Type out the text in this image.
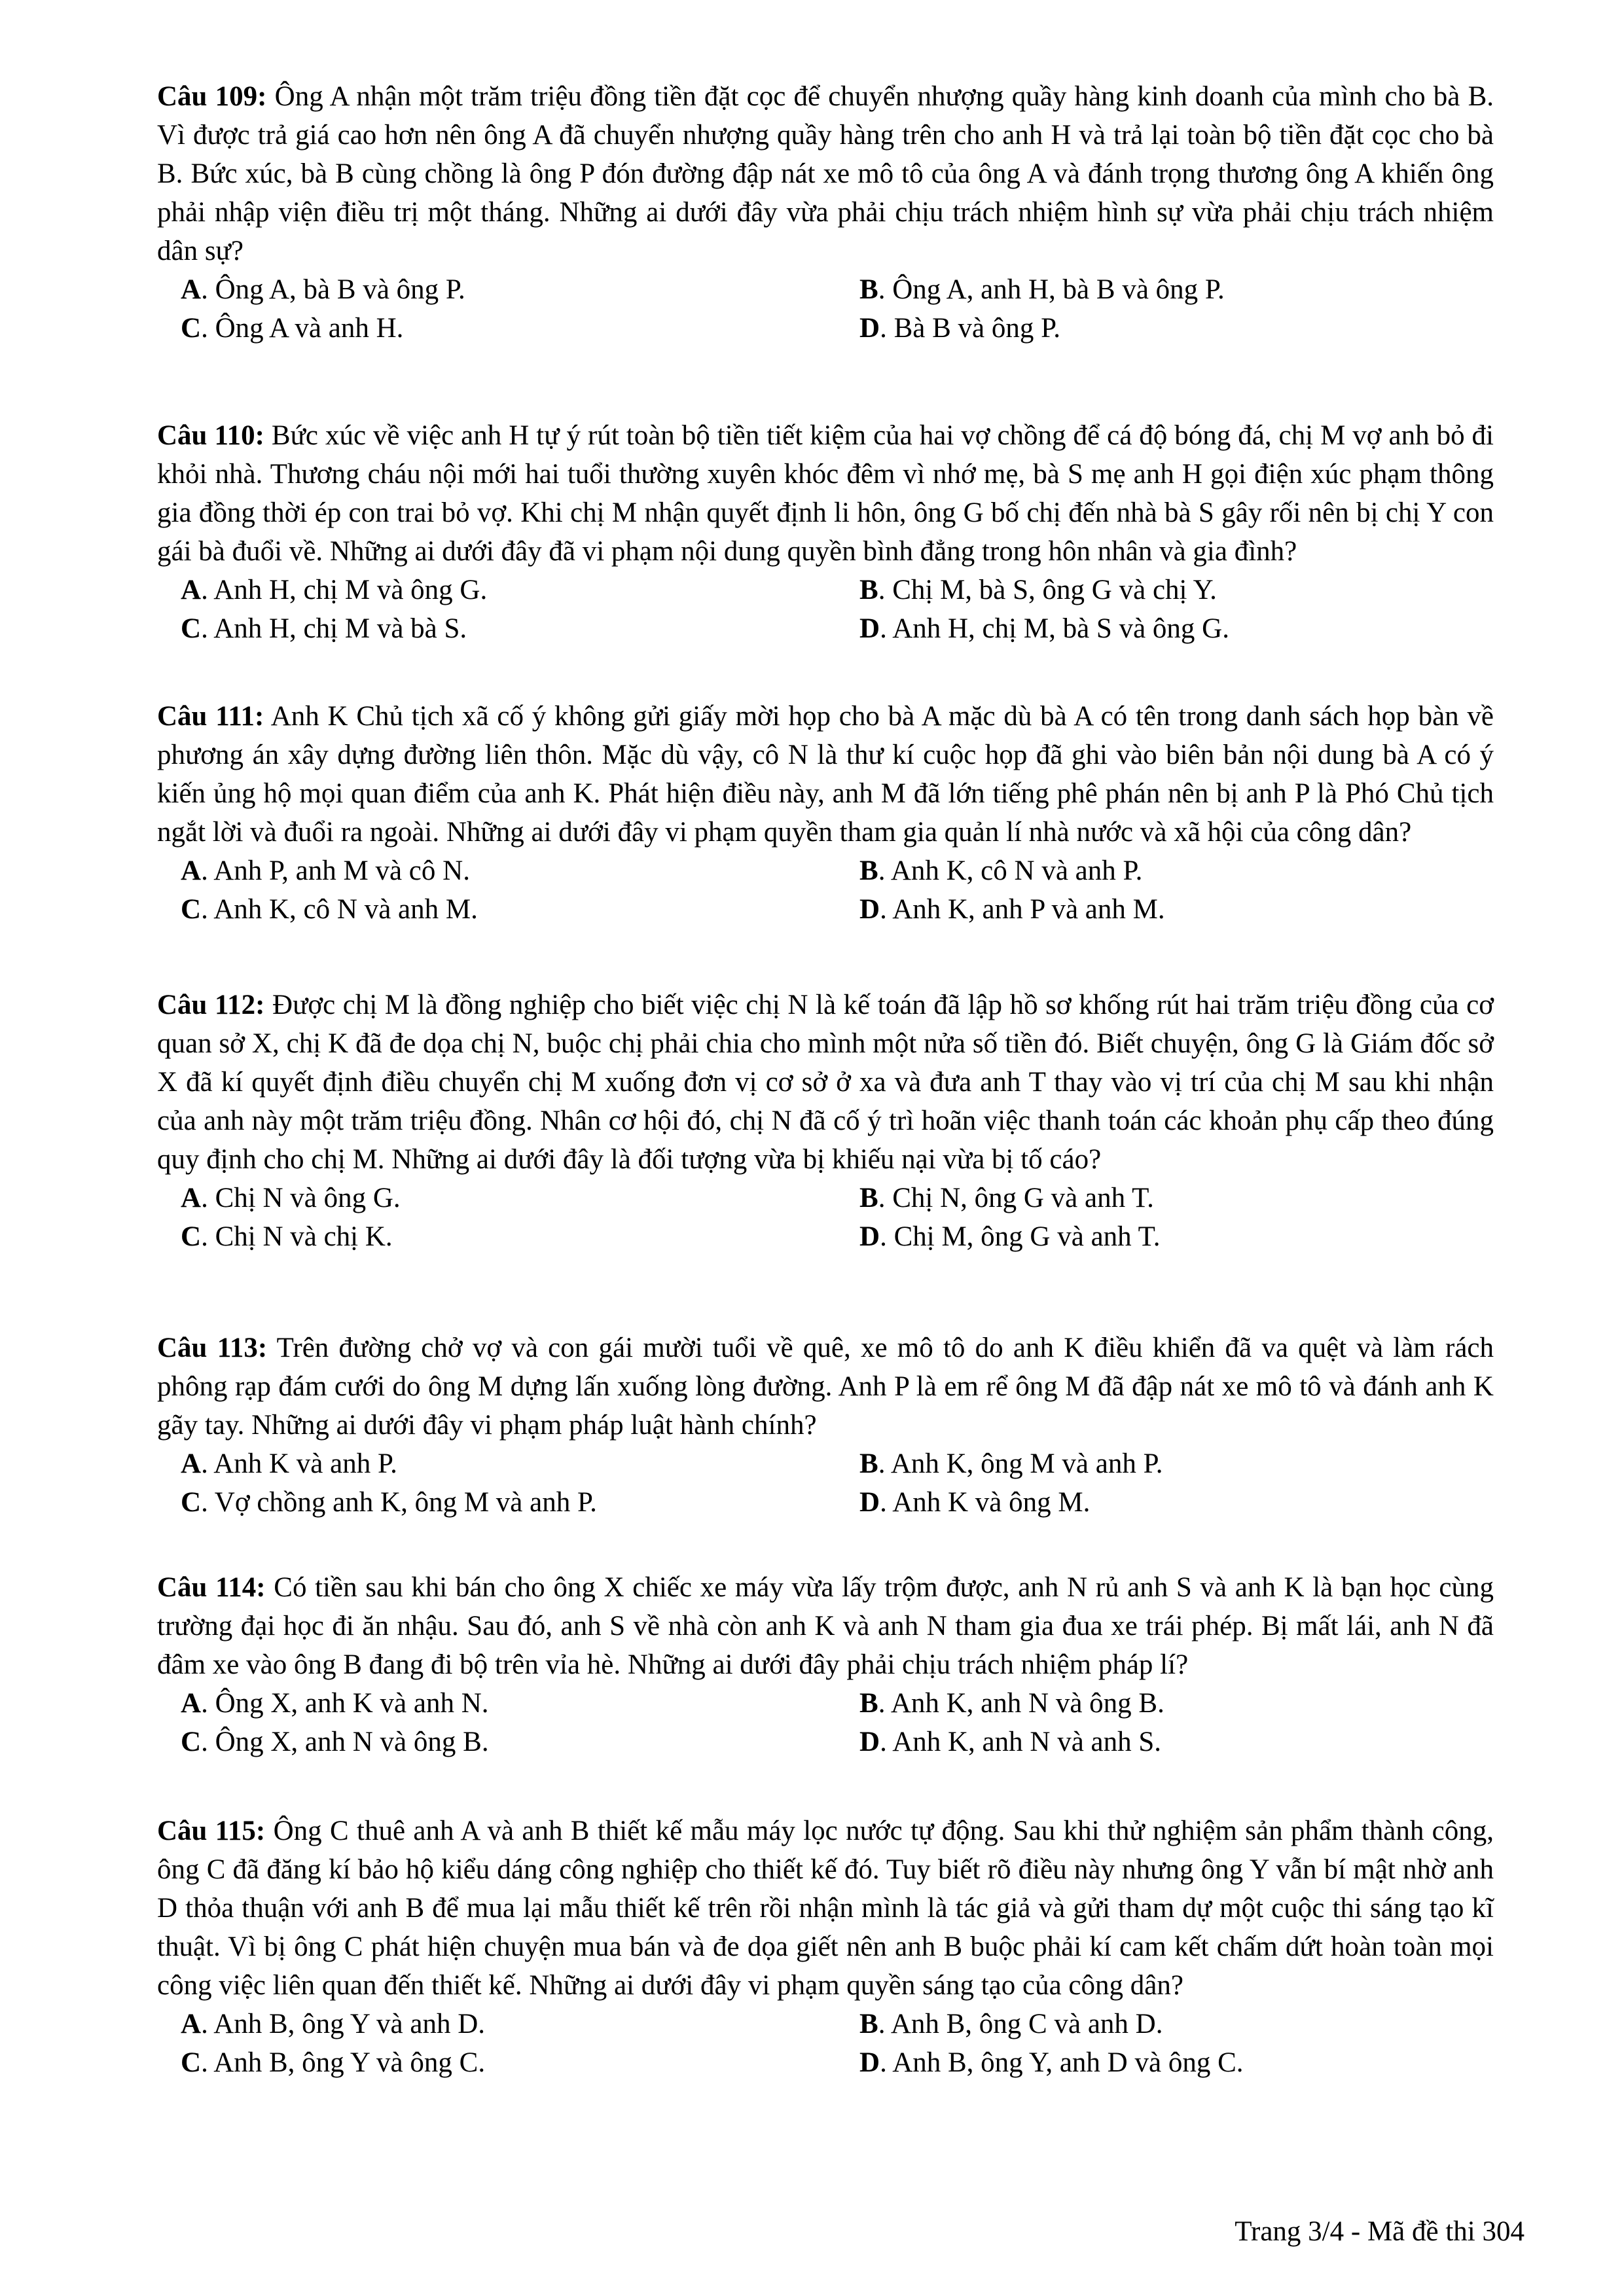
Câu 109: Ông A nhận một trăm triệu đồng tiền đặt cọc để chuyển nhượng quầy hàng kinh doanh của mình cho bà B. Vì được trả giá cao hơn nên ông A đã chuyển nhượng quầy hàng trên cho anh H và trả lại toàn bộ tiền đặt cọc cho bà B. Bức xúc, bà B cùng chồng là ông P đón đường đập nát xe mô tô của ông A và đánh trọng thương ông A khiến ông phải nhập viện điều trị một tháng. Những ai dưới đây vừa phải chịu trách nhiệm hình sự vừa phải chịu trách nhiệm dân sự?

A. Ông A, bà B và ông P.	B. Ông A, anh H, bà B và ông P.
C. Ông A và anh H.	D. Bà B và ông P.

Câu 110: Bức xúc về việc anh H tự ý rút toàn bộ tiền tiết kiệm của hai vợ chồng để cá độ bóng đá, chị M vợ anh bỏ đi khỏi nhà. Thương cháu nội mới hai tuổi thường xuyên khóc đêm vì nhớ mẹ, bà S mẹ anh H gọi điện xúc phạm thông gia đồng thời ép con trai bỏ vợ. Khi chị M nhận quyết định li hôn, ông G bố chị đến nhà bà S gây rối nên bị chị Y con gái bà đuổi về. Những ai dưới đây đã vi phạm nội dung quyền bình đẳng trong hôn nhân và gia đình?

A. Anh H, chị M và ông G.	B. Chị M, bà S, ông G và chị Y.
C. Anh H, chị M và bà S.	D. Anh H, chị M, bà S và ông G.

Câu 111: Anh K Chủ tịch xã cố ý không gửi giấy mời họp cho bà A mặc dù bà A có tên trong danh sách họp bàn về phương án xây dựng đường liên thôn. Mặc dù vậy, cô N là thư kí cuộc họp đã ghi vào biên bản nội dung bà A có ý kiến ủng hộ mọi quan điểm của anh K. Phát hiện điều này, anh M đã lớn tiếng phê phán nên bị anh P là Phó Chủ tịch ngắt lời và đuổi ra ngoài. Những ai dưới đây vi phạm quyền tham gia quản lí nhà nước và xã hội của công dân?

A. Anh P, anh M và cô N.	B. Anh K, cô N và anh P.
C. Anh K, cô N và anh M.	D. Anh K, anh P và anh M.

Câu 112: Được chị M là đồng nghiệp cho biết việc chị N là kế toán đã lập hồ sơ khống rút hai trăm triệu đồng của cơ quan sở X, chị K đã đe dọa chị N, buộc chị phải chia cho mình một nửa số tiền đó. Biết chuyện, ông G là Giám đốc sở X đã kí quyết định điều chuyển chị M xuống đơn vị cơ sở ở xa và đưa anh T thay vào vị trí của chị M sau khi nhận của anh này một trăm triệu đồng. Nhân cơ hội đó, chị N đã cố ý trì hoãn việc thanh toán các khoản phụ cấp theo đúng quy định cho chị M. Những ai dưới đây là đối tượng vừa bị khiếu nại vừa bị tố cáo?

A. Chị N và ông G.	B. Chị N, ông G và anh T.
C. Chị N và chị K.	D. Chị M, ông G và anh T.

Câu 113: Trên đường chở vợ và con gái mười tuổi về quê, xe mô tô do anh K điều khiển đã va quệt và làm rách phông rạp đám cưới do ông M dựng lấn xuống lòng đường. Anh P là em rể ông M đã đập nát xe mô tô và đánh anh K gãy tay. Những ai dưới đây vi phạm pháp luật hành chính?

A. Anh K và anh P.	B. Anh K, ông M và anh P.
C. Vợ chồng anh K, ông M và anh P.	D. Anh K và ông M.

Câu 114: Có tiền sau khi bán cho ông X chiếc xe máy vừa lấy trộm được, anh N rủ anh S và anh K là bạn học cùng trường đại học đi ăn nhậu. Sau đó, anh S về nhà còn anh K và anh N tham gia đua xe trái phép. Bị mất lái, anh N đã đâm xe vào ông B đang đi bộ trên vỉa hè. Những ai dưới đây phải chịu trách nhiệm pháp lí?

A. Ông X, anh K và anh N.	B. Anh K, anh N và ông B.
C. Ông X, anh N và ông B.	D. Anh K, anh N và anh S.

Câu 115: Ông C thuê anh A và anh B thiết kế mẫu máy lọc nước tự động. Sau khi thử nghiệm sản phẩm thành công, ông C đã đăng kí bảo hộ kiểu dáng công nghiệp cho thiết kế đó. Tuy biết rõ điều này nhưng ông Y vẫn bí mật nhờ anh D thỏa thuận với anh B để mua lại mẫu thiết kế trên rồi nhận mình là tác giả và gửi tham dự một cuộc thi sáng tạo kĩ thuật. Vì bị ông C phát hiện chuyện mua bán và đe dọa giết nên anh B buộc phải kí cam kết chấm dứt hoàn toàn mọi công việc liên quan đến thiết kế. Những ai dưới đây vi phạm quyền sáng tạo của công dân?

A. Anh B, ông Y và anh D.	B. Anh B, ông C và anh D.
C. Anh B, ông Y và ông C.	D. Anh B, ông Y, anh D và ông C.
Trang 3/4 - Mã đề thi 304
